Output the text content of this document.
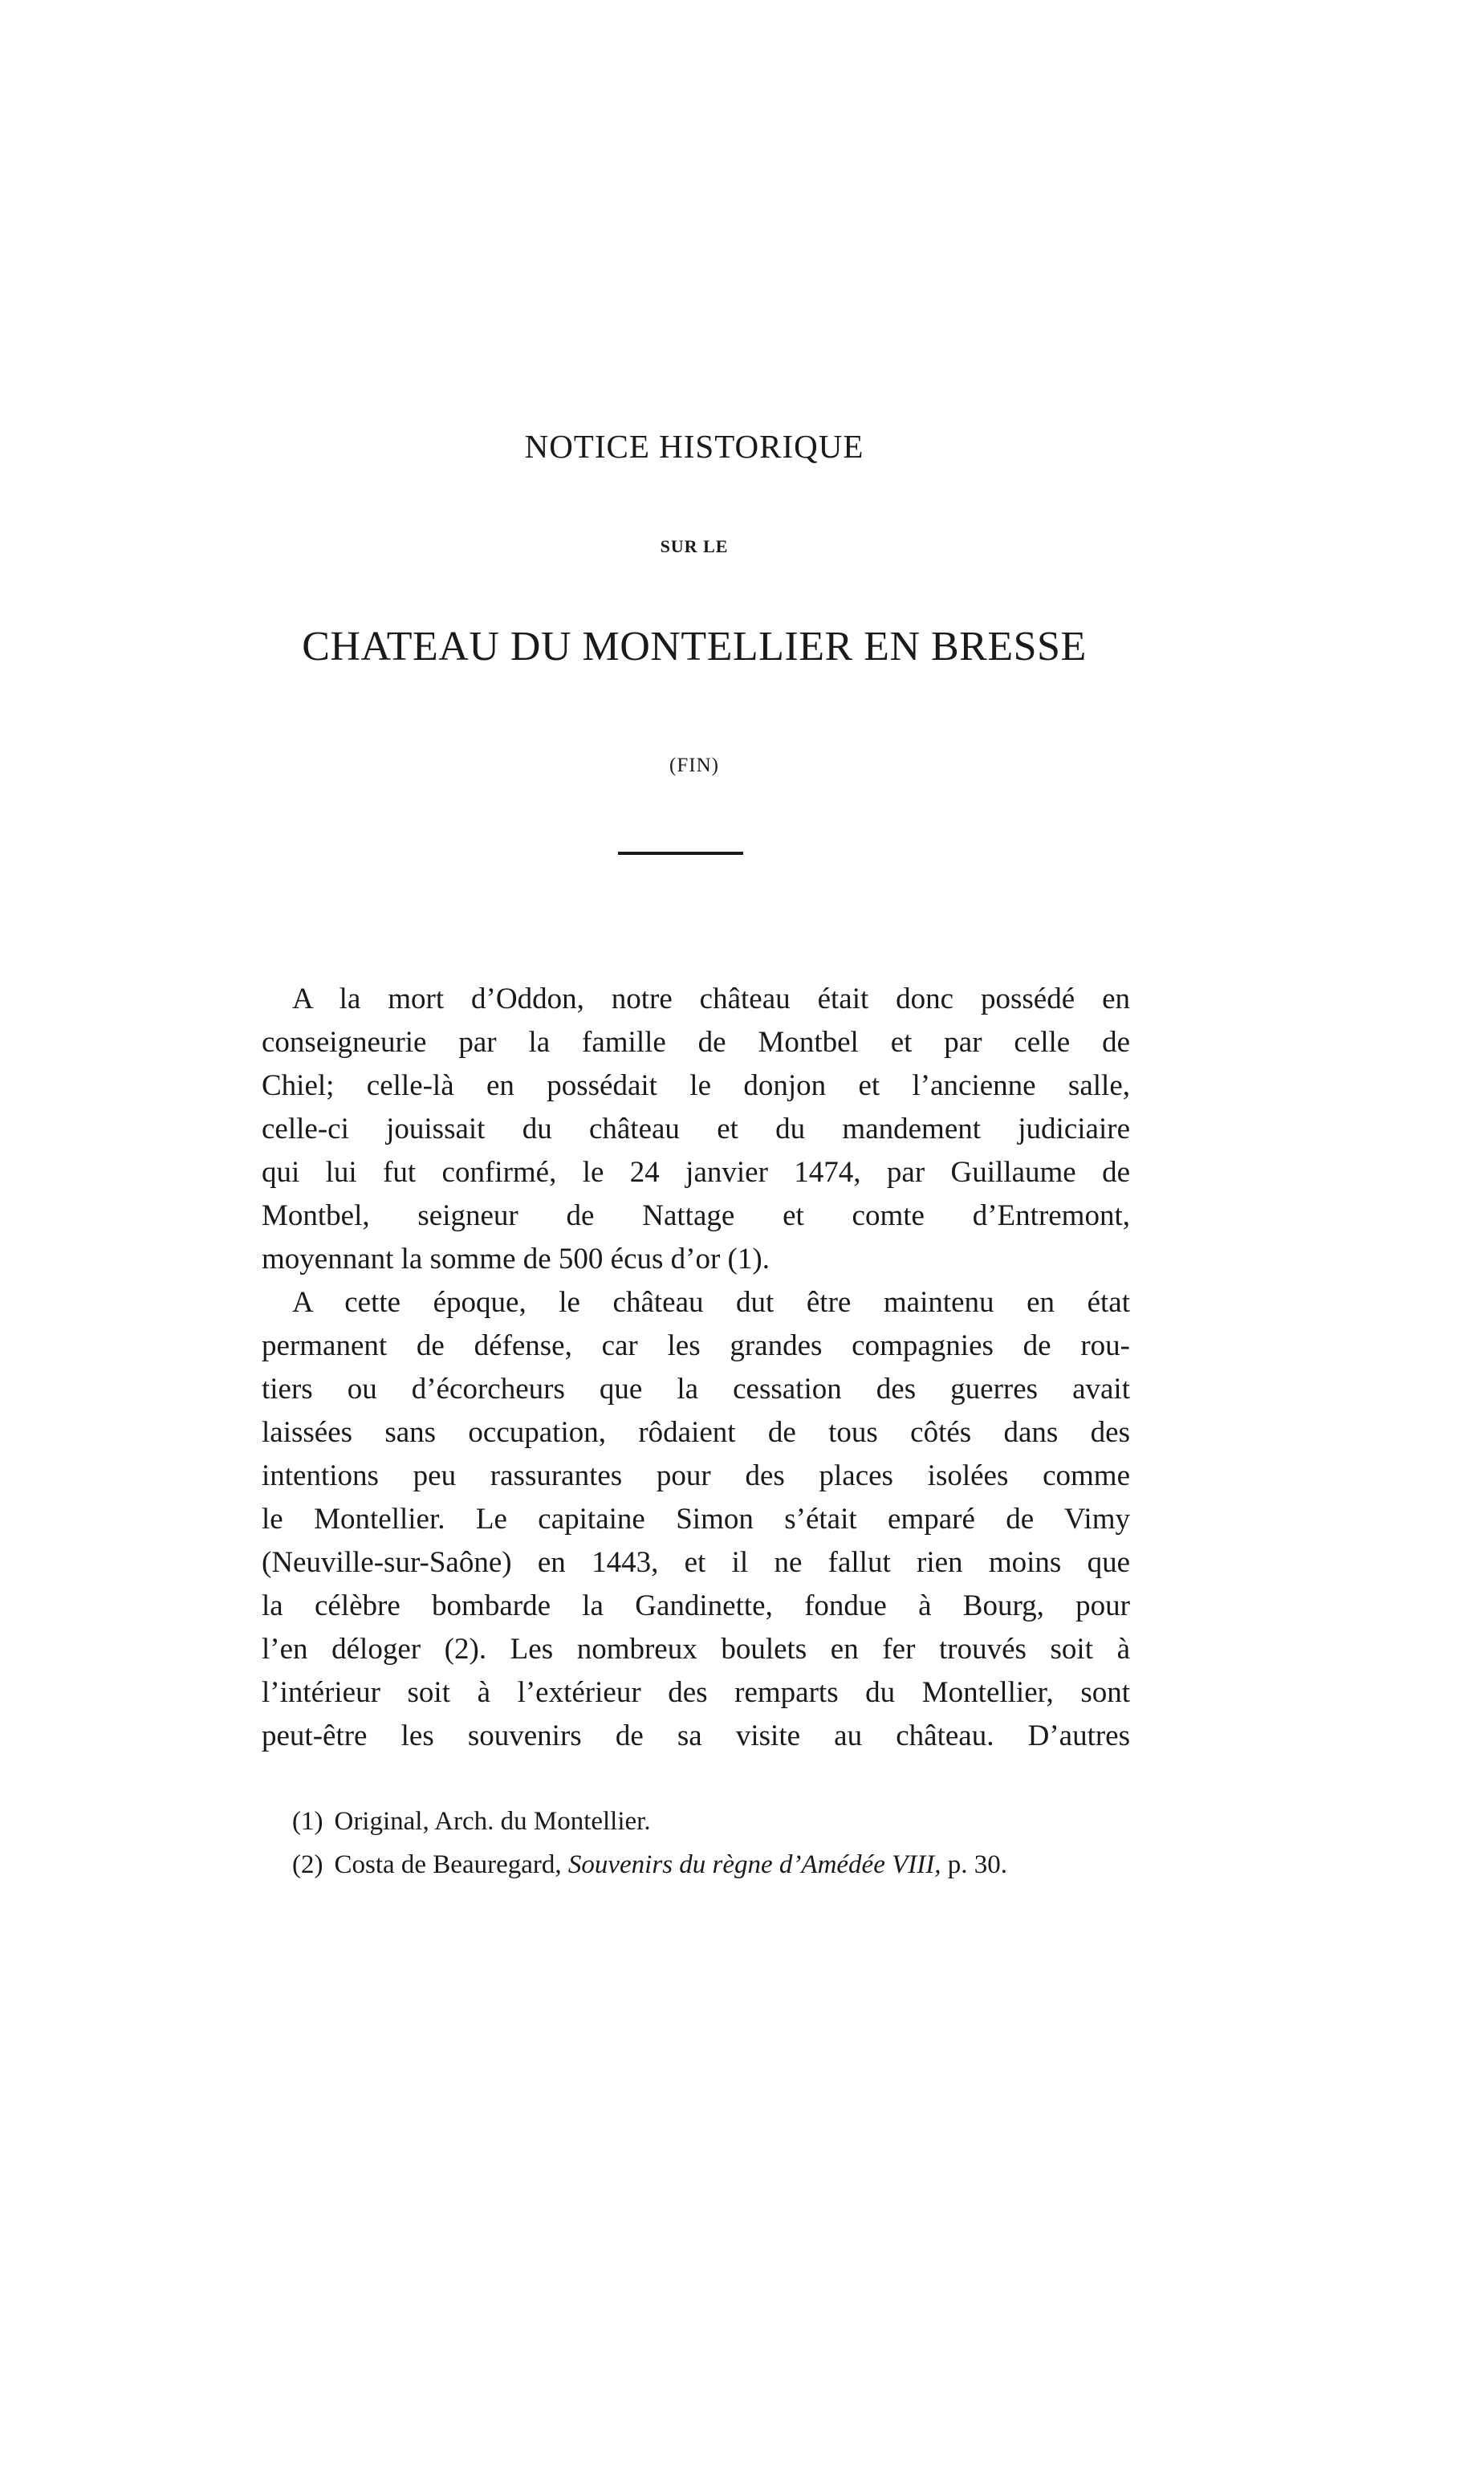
NOTICE HISTORIQUE
SUR LE
CHATEAU DU MONTELLIER EN BRESSE
(FIN)
A la mort d’Oddon, notre château était donc possédé en
conseigneurie par la famille de Montbel et par celle de
Chiel; celle-là en possédait le donjon et l’ancienne salle,
celle-ci jouissait du château et du mandement judiciaire
qui lui fut confirmé, le 24 janvier 1474, par Guillaume de
Montbel, seigneur de Nattage et comte d’Entremont,
moyennant la somme de 500 écus d’or (1).
A cette époque, le château dut être maintenu en état
permanent de défense, car les grandes compagnies de rou-
tiers ou d’écorcheurs que la cessation des guerres avait
laissées sans occupation, rôdaient de tous côtés dans des
intentions peu rassurantes pour des places isolées comme
le Montellier. Le capitaine Simon s’était emparé de Vimy
(Neuville-sur-Saône) en 1443, et il ne fallut rien moins que
la célèbre bombarde la Gandinette, fondue à Bourg, pour
l’en déloger (2). Les nombreux boulets en fer trouvés soit à
l’intérieur soit à l’extérieur des remparts du Montellier, sont
peut-être les souvenirs de sa visite au château. D’autres
(1) Original, Arch. du Montellier.
(2) Costa de Beauregard, Souvenirs du règne d’Amédée VIII, p. 30.
